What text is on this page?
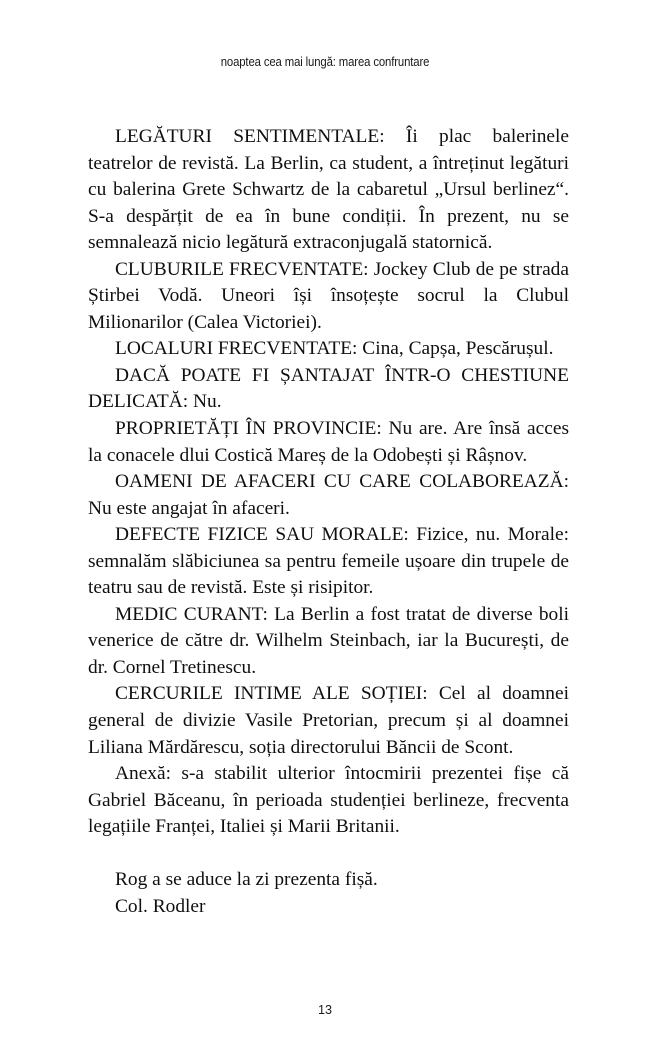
noaptea cea mai lungă: marea confruntare

LEGĂTURI SENTIMENTALE: Îi plac balerinele teatrelor de revistă. La Berlin, ca student, a întreținut legături cu balerina Grete Schwartz de la cabaretul „Ursul berlinez“. S-a despărțit de ea în bune condiții. În prezent, nu se semnalează nicio legătură extraconjugală statornică.

CLUBURILE FRECVENTATE: Jockey Club de pe strada Știrbei Vodă. Uneori își însoțește socrul la Clubul Milionarilor (Calea Victoriei).

LOCALURI FRECVENTATE: Cina, Capșa, Pescărușul.

DACĂ POATE FI ȘANTAJAT ÎNTR-O CHESTIUNE DELICATĂ: Nu.

PROPRIETĂȚI ÎN PROVINCIE: Nu are. Are însă acces la conacele dlui Costică Mareș de la Odobești și Râșnov.

OAMENI DE AFACERI CU CARE COLABOREAZĂ: Nu este angajat în afaceri.

DEFECTE FIZICE SAU MORALE: Fizice, nu. Morale: semnalăm slăbiciunea sa pentru femeile ușoare din trupele de teatru sau de revistă. Este și risipitor.

MEDIC CURANT: La Berlin a fost tratat de diverse boli venerice de către dr. Wilhelm Steinbach, iar la București, de dr. Cornel Tretinescu.

CERCURILE INTIME ALE SOȚIEI: Cel al doamnei general de divizie Vasile Pretorian, precum și al doamnei Liliana Mărdărescu, soția directorului Băncii de Scont.

Anexă: s-a stabilit ulterior întocmirii prezentei fișe că Gabriel Băceanu, în perioada studenției berlineze, frecventa legațiile Franței, Italiei și Marii Britanii.

Rog a se aduce la zi prezenta fișă.

Col. Rodler

13
